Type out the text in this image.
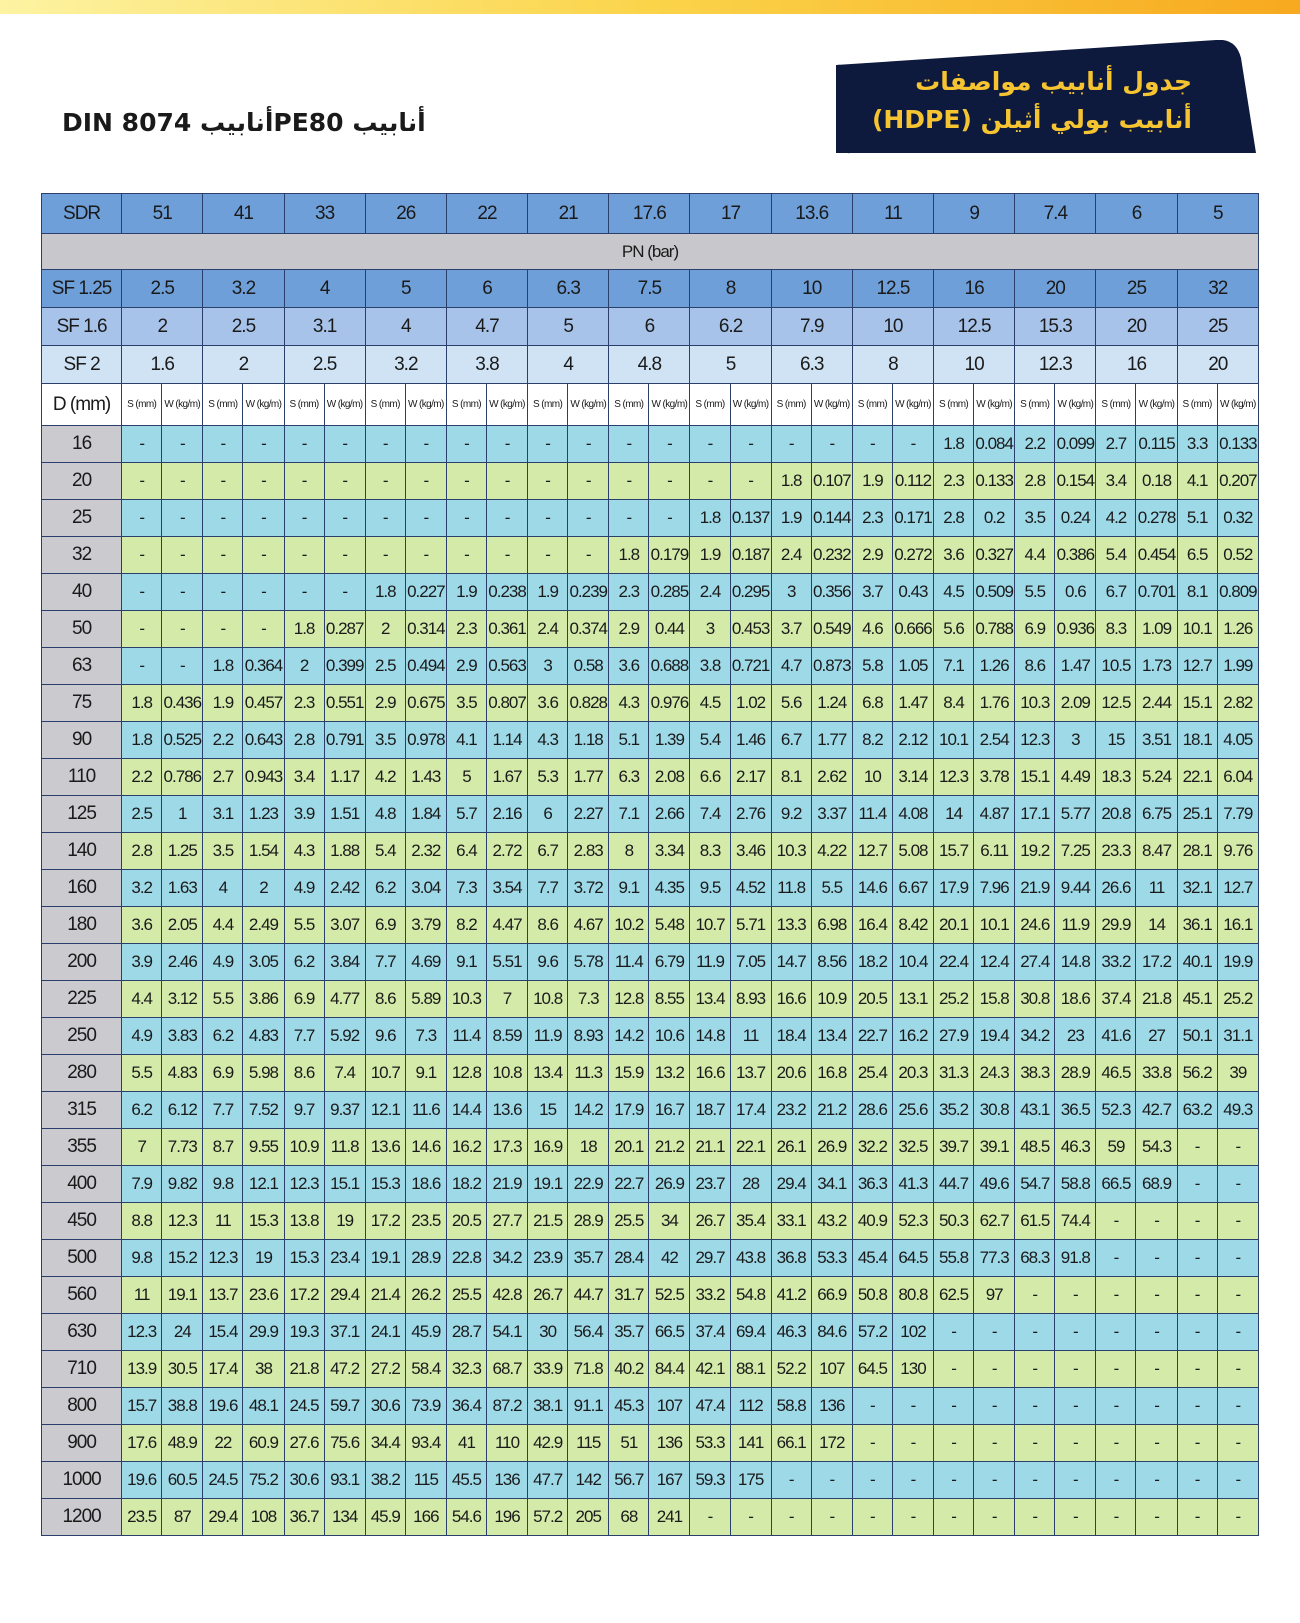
جدول أنابيب مواصفات
أنابيب بولي أثيلن (HDPE)
DIN 8074 أنابيبPE80 أنابيب
SDR	51		41		33		26		22		21		17.6		17		13.6		11		9		7.4		6		5	
PN (bar)																												
SF 1.25	2.5		3.2		4		5		6		6.3		7.5		8		10		12.5		16		20		25		32	
SF 1.6	2		2.5		3.1		4		4.7		5		6		6.2		7.9		10		12.5		15.3		20		25	
SF 2	1.6		2		2.5		3.2		3.8		4		4.8		5		6.3		8		10		12.3		16		20	
D (mm)	S (mm)	W (kg/m)	S (mm)	W (kg/m)	S (mm)	W (kg/m)	S (mm)	W (kg/m)	S (mm)	W (kg/m)	S (mm)	W (kg/m)	S (mm)	W (kg/m)	S (mm)	W (kg/m)	S (mm)	W (kg/m)	S (mm)	W (kg/m)	S (mm)	W (kg/m)	S (mm)	W (kg/m)	S (mm)	W (kg/m)	S (mm)	W (kg/m)
16	-	-	-	-	-	-	-	-	-	-	-	-	-	-	-	-	-	-	-	-	1.8	0.084	2.2	0.099	2.7	0.115	3.3	0.133
20	-	-	-	-	-	-	-	-	-	-	-	-	-	-	-	-	1.8	0.107	1.9	0.112	2.3	0.133	2.8	0.154	3.4	0.18	4.1	0.207
25	-	-	-	-	-	-	-	-	-	-	-	-	-	-	1.8	0.137	1.9	0.144	2.3	0.171	2.8	0.2	3.5	0.24	4.2	0.278	5.1	0.32
32	-	-	-	-	-	-	-	-	-	-	-	-	1.8	0.179	1.9	0.187	2.4	0.232	2.9	0.272	3.6	0.327	4.4	0.386	5.4	0.454	6.5	0.52
40	-	-	-	-	-	-	1.8	0.227	1.9	0.238	1.9	0.239	2.3	0.285	2.4	0.295	3	0.356	3.7	0.43	4.5	0.509	5.5	0.6	6.7	0.701	8.1	0.809
50	-	-	-	-	1.8	0.287	2	0.314	2.3	0.361	2.4	0.374	2.9	0.44	3	0.453	3.7	0.549	4.6	0.666	5.6	0.788	6.9	0.936	8.3	1.09	10.1	1.26
63	-	-	1.8	0.364	2	0.399	2.5	0.494	2.9	0.563	3	0.58	3.6	0.688	3.8	0.721	4.7	0.873	5.8	1.05	7.1	1.26	8.6	1.47	10.5	1.73	12.7	1.99
75	1.8	0.436	1.9	0.457	2.3	0.551	2.9	0.675	3.5	0.807	3.6	0.828	4.3	0.976	4.5	1.02	5.6	1.24	6.8	1.47	8.4	1.76	10.3	2.09	12.5	2.44	15.1	2.82
90	1.8	0.525	2.2	0.643	2.8	0.791	3.5	0.978	4.1	1.14	4.3	1.18	5.1	1.39	5.4	1.46	6.7	1.77	8.2	2.12	10.1	2.54	12.3	3	15	3.51	18.1	4.05
110	2.2	0.786	2.7	0.943	3.4	1.17	4.2	1.43	5	1.67	5.3	1.77	6.3	2.08	6.6	2.17	8.1	2.62	10	3.14	12.3	3.78	15.1	4.49	18.3	5.24	22.1	6.04
125	2.5	1	3.1	1.23	3.9	1.51	4.8	1.84	5.7	2.16	6	2.27	7.1	2.66	7.4	2.76	9.2	3.37	11.4	4.08	14	4.87	17.1	5.77	20.8	6.75	25.1	7.79
140	2.8	1.25	3.5	1.54	4.3	1.88	5.4	2.32	6.4	2.72	6.7	2.83	8	3.34	8.3	3.46	10.3	4.22	12.7	5.08	15.7	6.11	19.2	7.25	23.3	8.47	28.1	9.76
160	3.2	1.63	4	2	4.9	2.42	6.2	3.04	7.3	3.54	7.7	3.72	9.1	4.35	9.5	4.52	11.8	5.5	14.6	6.67	17.9	7.96	21.9	9.44	26.6	11	32.1	12.7
180	3.6	2.05	4.4	2.49	5.5	3.07	6.9	3.79	8.2	4.47	8.6	4.67	10.2	5.48	10.7	5.71	13.3	6.98	16.4	8.42	20.1	10.1	24.6	11.9	29.9	14	36.1	16.1
200	3.9	2.46	4.9	3.05	6.2	3.84	7.7	4.69	9.1	5.51	9.6	5.78	11.4	6.79	11.9	7.05	14.7	8.56	18.2	10.4	22.4	12.4	27.4	14.8	33.2	17.2	40.1	19.9
225	4.4	3.12	5.5	3.86	6.9	4.77	8.6	5.89	10.3	7	10.8	7.3	12.8	8.55	13.4	8.93	16.6	10.9	20.5	13.1	25.2	15.8	30.8	18.6	37.4	21.8	45.1	25.2
250	4.9	3.83	6.2	4.83	7.7	5.92	9.6	7.3	11.4	8.59	11.9	8.93	14.2	10.6	14.8	11	18.4	13.4	22.7	16.2	27.9	19.4	34.2	23	41.6	27	50.1	31.1
280	5.5	4.83	6.9	5.98	8.6	7.4	10.7	9.1	12.8	10.8	13.4	11.3	15.9	13.2	16.6	13.7	20.6	16.8	25.4	20.3	31.3	24.3	38.3	28.9	46.5	33.8	56.2	39
315	6.2	6.12	7.7	7.52	9.7	9.37	12.1	11.6	14.4	13.6	15	14.2	17.9	16.7	18.7	17.4	23.2	21.2	28.6	25.6	35.2	30.8	43.1	36.5	52.3	42.7	63.2	49.3
355	7	7.73	8.7	9.55	10.9	11.8	13.6	14.6	16.2	17.3	16.9	18	20.1	21.2	21.1	22.1	26.1	26.9	32.2	32.5	39.7	39.1	48.5	46.3	59	54.3	-	-
400	7.9	9.82	9.8	12.1	12.3	15.1	15.3	18.6	18.2	21.9	19.1	22.9	22.7	26.9	23.7	28	29.4	34.1	36.3	41.3	44.7	49.6	54.7	58.8	66.5	68.9	-	-
450	8.8	12.3	11	15.3	13.8	19	17.2	23.5	20.5	27.7	21.5	28.9	25.5	34	26.7	35.4	33.1	43.2	40.9	52.3	50.3	62.7	61.5	74.4	-	-	-	-
500	9.8	15.2	12.3	19	15.3	23.4	19.1	28.9	22.8	34.2	23.9	35.7	28.4	42	29.7	43.8	36.8	53.3	45.4	64.5	55.8	77.3	68.3	91.8	-	-	-	-
560	11	19.1	13.7	23.6	17.2	29.4	21.4	26.2	25.5	42.8	26.7	44.7	31.7	52.5	33.2	54.8	41.2	66.9	50.8	80.8	62.5	97	-	-	-	-	-	-
630	12.3	24	15.4	29.9	19.3	37.1	24.1	45.9	28.7	54.1	30	56.4	35.7	66.5	37.4	69.4	46.3	84.6	57.2	102	-	-	-	-	-	-	-	-
710	13.9	30.5	17.4	38	21.8	47.2	27.2	58.4	32.3	68.7	33.9	71.8	40.2	84.4	42.1	88.1	52.2	107	64.5	130	-	-	-	-	-	-	-	-
800	15.7	38.8	19.6	48.1	24.5	59.7	30.6	73.9	36.4	87.2	38.1	91.1	45.3	107	47.4	112	58.8	136	-	-	-	-	-	-	-	-	-	-
900	17.6	48.9	22	60.9	27.6	75.6	34.4	93.4	41	110	42.9	115	51	136	53.3	141	66.1	172	-	-	-	-	-	-	-	-	-	-
1000	19.6	60.5	24.5	75.2	30.6	93.1	38.2	115	45.5	136	47.7	142	56.7	167	59.3	175	-	-	-	-	-	-	-	-	-	-	-	-
1200	23.5	87	29.4	108	36.7	134	45.9	166	54.6	196	57.2	205	68	241	-	-	-	-	-	-	-	-	-	-	-	-	-	-
